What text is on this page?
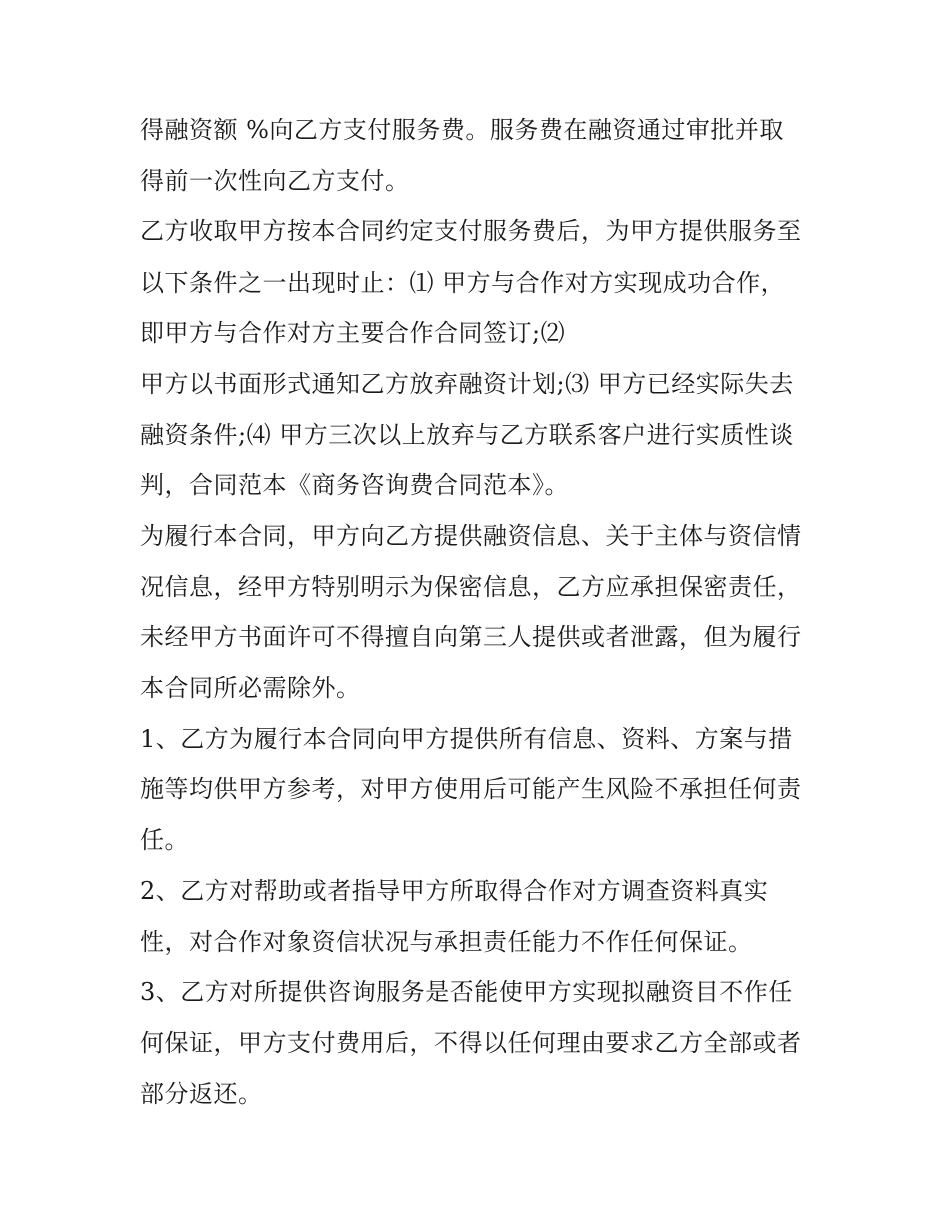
得融资额 %向乙方支付服务费。服务费在融资通过审批并取
得前一次性向乙方支付。
乙方收取甲方按本合同约定支付服务费后，为甲方提供服务至
以下条件之一出现时止：⑴ 甲方与合作对方实现成功合作，
即甲方与合作对方主要合作合同签订;⑵
甲方以书面形式通知乙方放弃融资计划;⑶ 甲方已经实际失去
融资条件;⑷ 甲方三次以上放弃与乙方联系客户进行实质性谈
判，合同范本《商务咨询费合同范本》。
为履行本合同，甲方向乙方提供融资信息、关于主体与资信情
况信息，经甲方特别明示为保密信息，乙方应承担保密责任，
未经甲方书面许可不得擅自向第三人提供或者泄露，但为履行
本合同所必需除外。
1、乙方为履行本合同向甲方提供所有信息、资料、方案与措
施等均供甲方参考，对甲方使用后可能产生风险不承担任何责
任。
2、乙方对帮助或者指导甲方所取得合作对方调查资料真实
性，对合作对象资信状况与承担责任能力不作任何保证。
3、乙方对所提供咨询服务是否能使甲方实现拟融资目不作任
何保证，甲方支付费用后，不得以任何理由要求乙方全部或者
部分返还。
